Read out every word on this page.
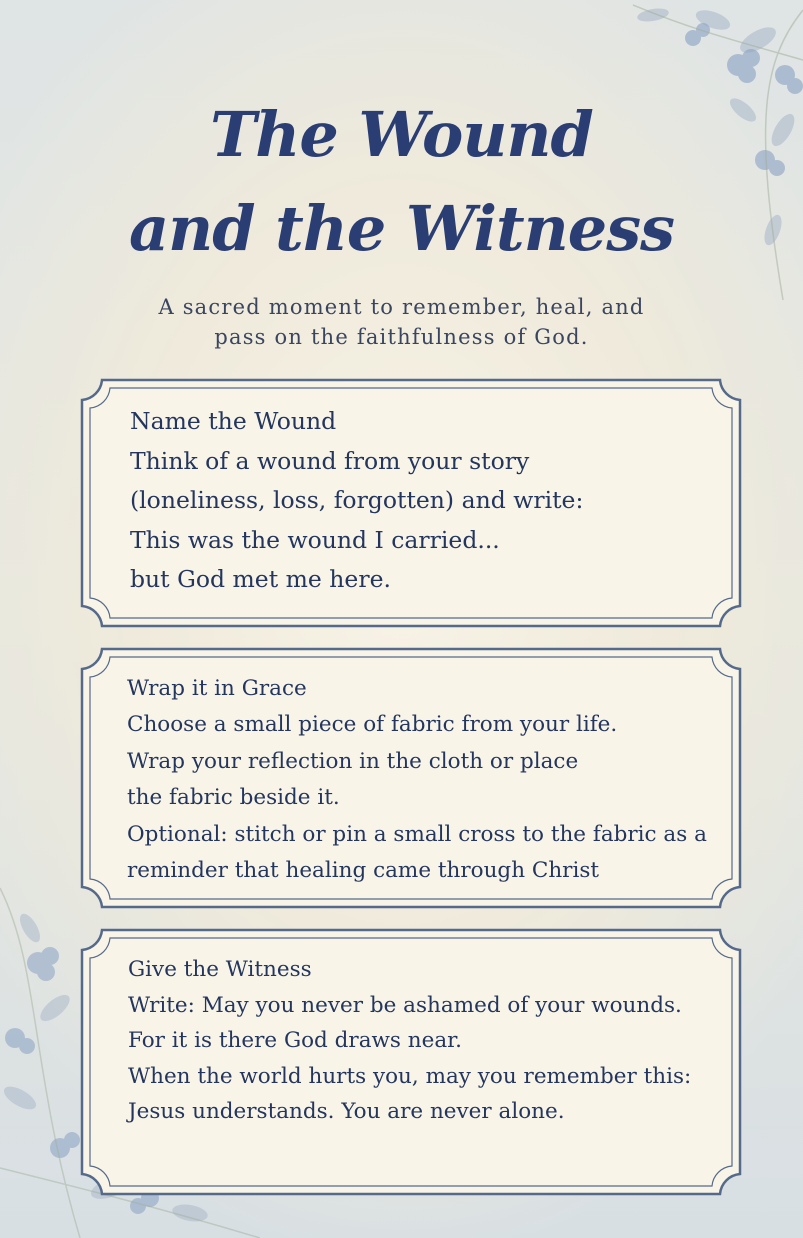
The Wound
and the Witness
A sacred moment to remember, heal, and
pass on the faithfulness of God.

Name the Wound

Think of a wound from your story

(loneliness, loss, forgotten) and write:

This was the wound I carried...

but God met me here.

Wrap it in Grace

Choose a small piece of fabric from your life.

Wrap your reflection in the cloth or place

the fabric beside it.

Optional: stitch or pin a small cross to the fabric as a

reminder that healing came through Christ

Give the Witness

Write: May you never be ashamed of your wounds.

For it is there God draws near.

When the world hurts you, may you remember this:

Jesus understands. You are never alone.
